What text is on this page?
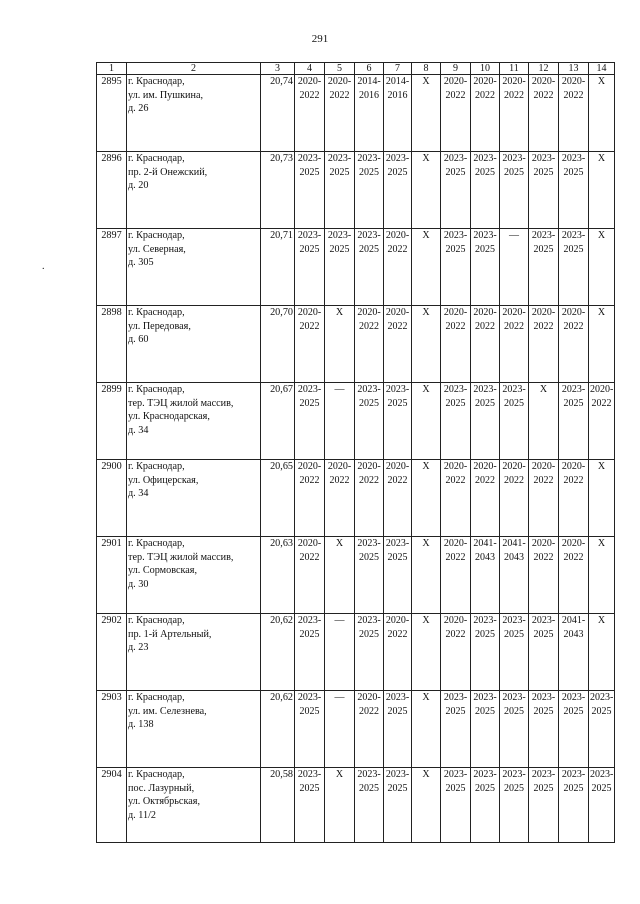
291
.
1	2	3	4	5	6	7	8	9	10	11	12	13	14
2895	г. Краснодар,
ул. им. Пушкина,
д. 26	20,74	2020-
2022	2020-
2022	2014-
2016	2014-
2016	Х	2020-
2022	2020-
2022	2020-
2022	2020-
2022	2020-
2022	Х
2896	г. Краснодар,
пр. 2-й Онежский,
д. 20	20,73	2023-
2025	2023-
2025	2023-
2025	2023-
2025	Х	2023-
2025	2023-
2025	2023-
2025	2023-
2025	2023-
2025	Х
2897	г. Краснодар,
ул. Северная,
д. 305	20,71	2023-
2025	2023-
2025	2023-
2025	2020-
2022	Х	2023-
2025	2023-
2025	—	2023-
2025	2023-
2025	Х
2898	г. Краснодар,
ул. Передовая,
д. 60	20,70	2020-
2022	Х	2020-
2022	2020-
2022	Х	2020-
2022	2020-
2022	2020-
2022	2020-
2022	2020-
2022	Х
2899	г. Краснодар,
тер. ТЭЦ жилой массив,
ул. Краснодарская,
д. 34	20,67	2023-
2025	—	2023-
2025	2023-
2025	Х	2023-
2025	2023-
2025	2023-
2025	Х	2023-
2025	2020-
2022
2900	г. Краснодар,
ул. Офицерская,
д. 34	20,65	2020-
2022	2020-
2022	2020-
2022	2020-
2022	Х	2020-
2022	2020-
2022	2020-
2022	2020-
2022	2020-
2022	Х
2901	г. Краснодар,
тер. ТЭЦ жилой массив,
ул. Сормовская,
д. 30	20,63	2020-
2022	Х	2023-
2025	2023-
2025	Х	2020-
2022	2041-
2043	2041-
2043	2020-
2022	2020-
2022	Х
2902	г. Краснодар,
пр. 1-й Артельный,
д. 23	20,62	2023-
2025	—	2023-
2025	2020-
2022	Х	2020-
2022	2023-
2025	2023-
2025	2023-
2025	2041-
2043	Х
2903	г. Краснодар,
ул. им. Селезнева,
д. 138	20,62	2023-
2025	—	2020-
2022	2023-
2025	Х	2023-
2025	2023-
2025	2023-
2025	2023-
2025	2023-
2025	2023-
2025
2904	г. Краснодар,
пос. Лазурный,
ул. Октябрьская,
д. 11/2	20,58	2023-
2025	Х	2023-
2025	2023-
2025	Х	2023-
2025	2023-
2025	2023-
2025	2023-
2025	2023-
2025	2023-
2025
